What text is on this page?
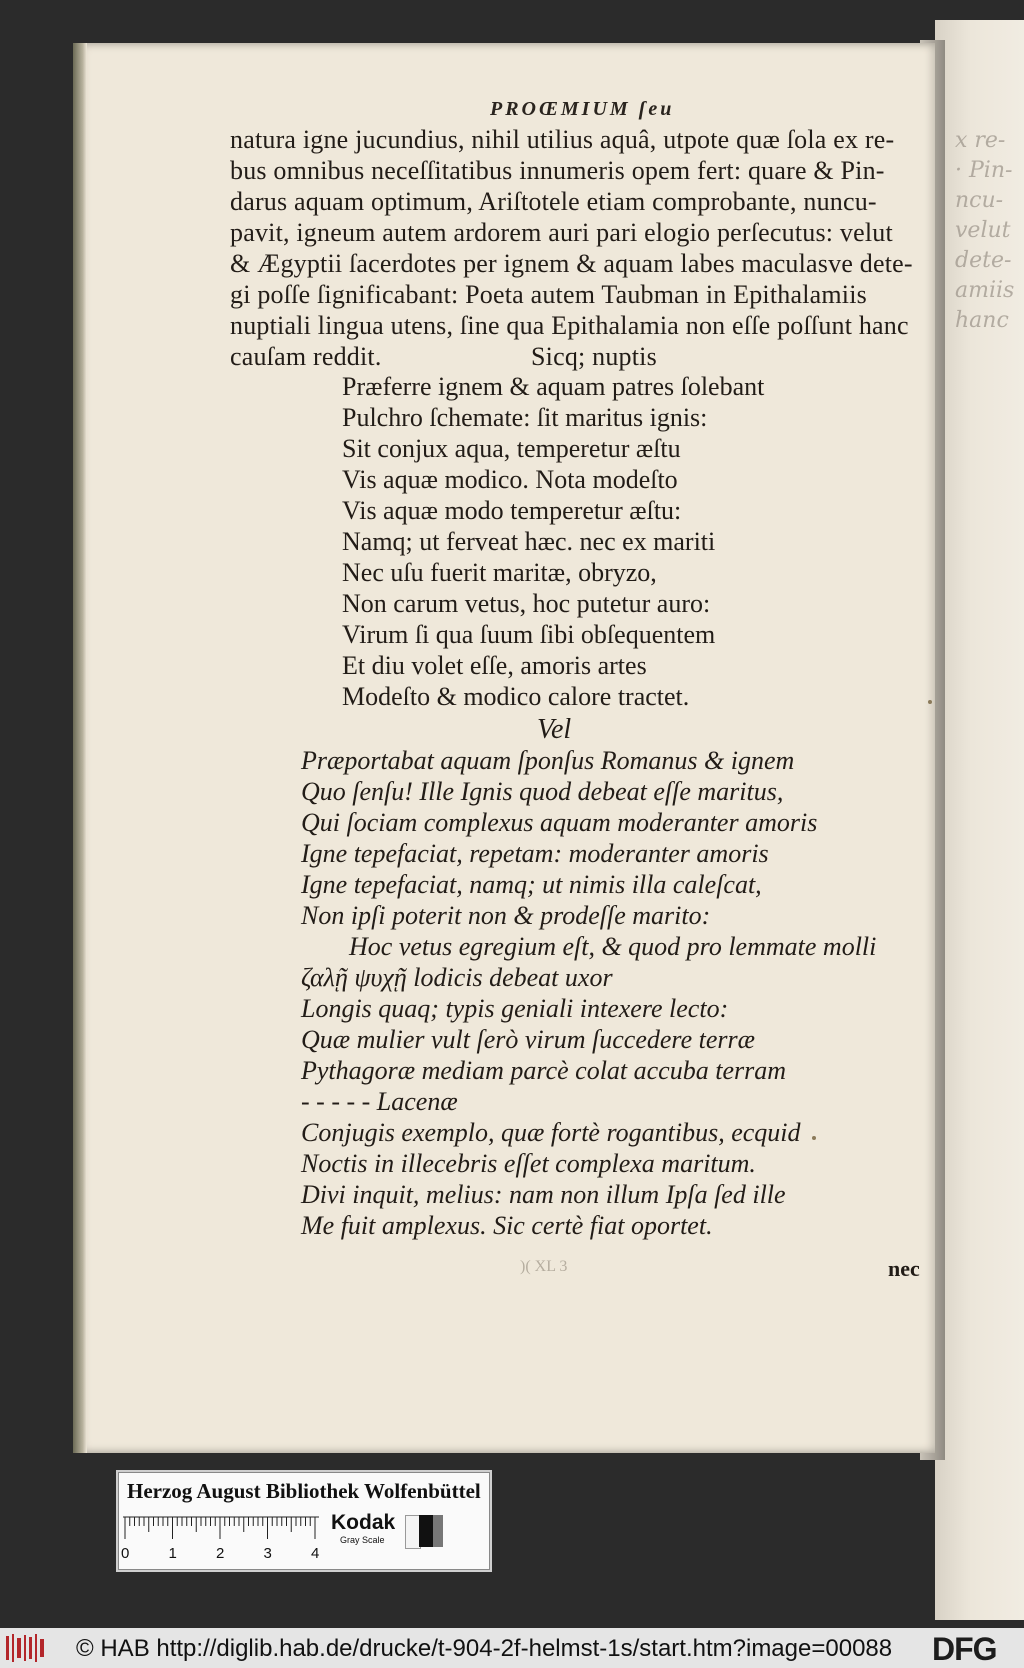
x re-
· Pin-
ncu-
velut
dete-
amiis
hanc
PROŒMIUM ſeu
natura igne jucundius, nihil utilius aquâ, utpote quæ ſola ex re-
bus omnibus neceſſitatibus innumeris opem fert: quare & Pin-
darus aquam optimum, Ariſtotele etiam comprobante, nuncu-
pavit, igneum autem ardorem auri pari elogio perſecutus: velut
& Ægyptii ſacerdotes per ignem & aquam labes maculasve dete-
gi poſſe ſignificabant: Poeta autem Taubman in Epithalamiis
nuptiali lingua utens, ſine qua Epithalamia non eſſe poſſunt hanc
cauſam reddit.	Sicq; nuptis
Præferre ignem & aquam patres ſolebant
Pulchro ſchemate: ſit maritus ignis:
Sit conjux aqua, temperetur æſtu
Vis aquæ modico. Nota modeſto
Vis aquæ modo temperetur æſtu:
Namq; ut ferveat hæc. nec ex mariti
Nec uſu fuerit maritæ, obryzo,
Non carum vetus, hoc putetur auro:
Virum ſi qua ſuum ſibi obſequentem
Et diu volet eſſe, amoris artes
Modeſto & modico calore tractet.
Vel
Præportabat aquam ſponſus Romanus & ignem
Quo ſenſu! Ille Ignis quod debeat eſſe maritus,
Qui ſociam complexus aquam moderanter amoris
Igne tepefaciat, repetam: moderanter amoris
Igne tepefaciat, namq; ut nimis illa caleſcat,
Non ipſi poterit non & prodeſſe marito:
Hoc vetus egregium eſt, & quod pro lemmate molli
ζαλῇ ψυχῇ lodicis debeat uxor
Longis quaq; typis geniali intexere lecto:
Quæ mulier vult ſerò virum ſuccedere terræ
Pythagoræ mediam parcè colat accuba terram
- - - - - Lacenæ
Conjugis exemplo, quæ fortè rogantibus, ecquid
Noctis in illecebris eſſet complexa maritum.
Divi inquit, melius: nam non illum Ipſa ſed ille
Me fuit amplexus. Sic certè fiat oportet.
)( XL 3	nec
Herzog August Bibliothek Wolfenbüttel
0	1	2	3	4
Kodak
Gray Scale
© HAB http://diglib.hab.de/drucke/t-904-2f-helmst-1s/start.htm?image=00088 DFG
